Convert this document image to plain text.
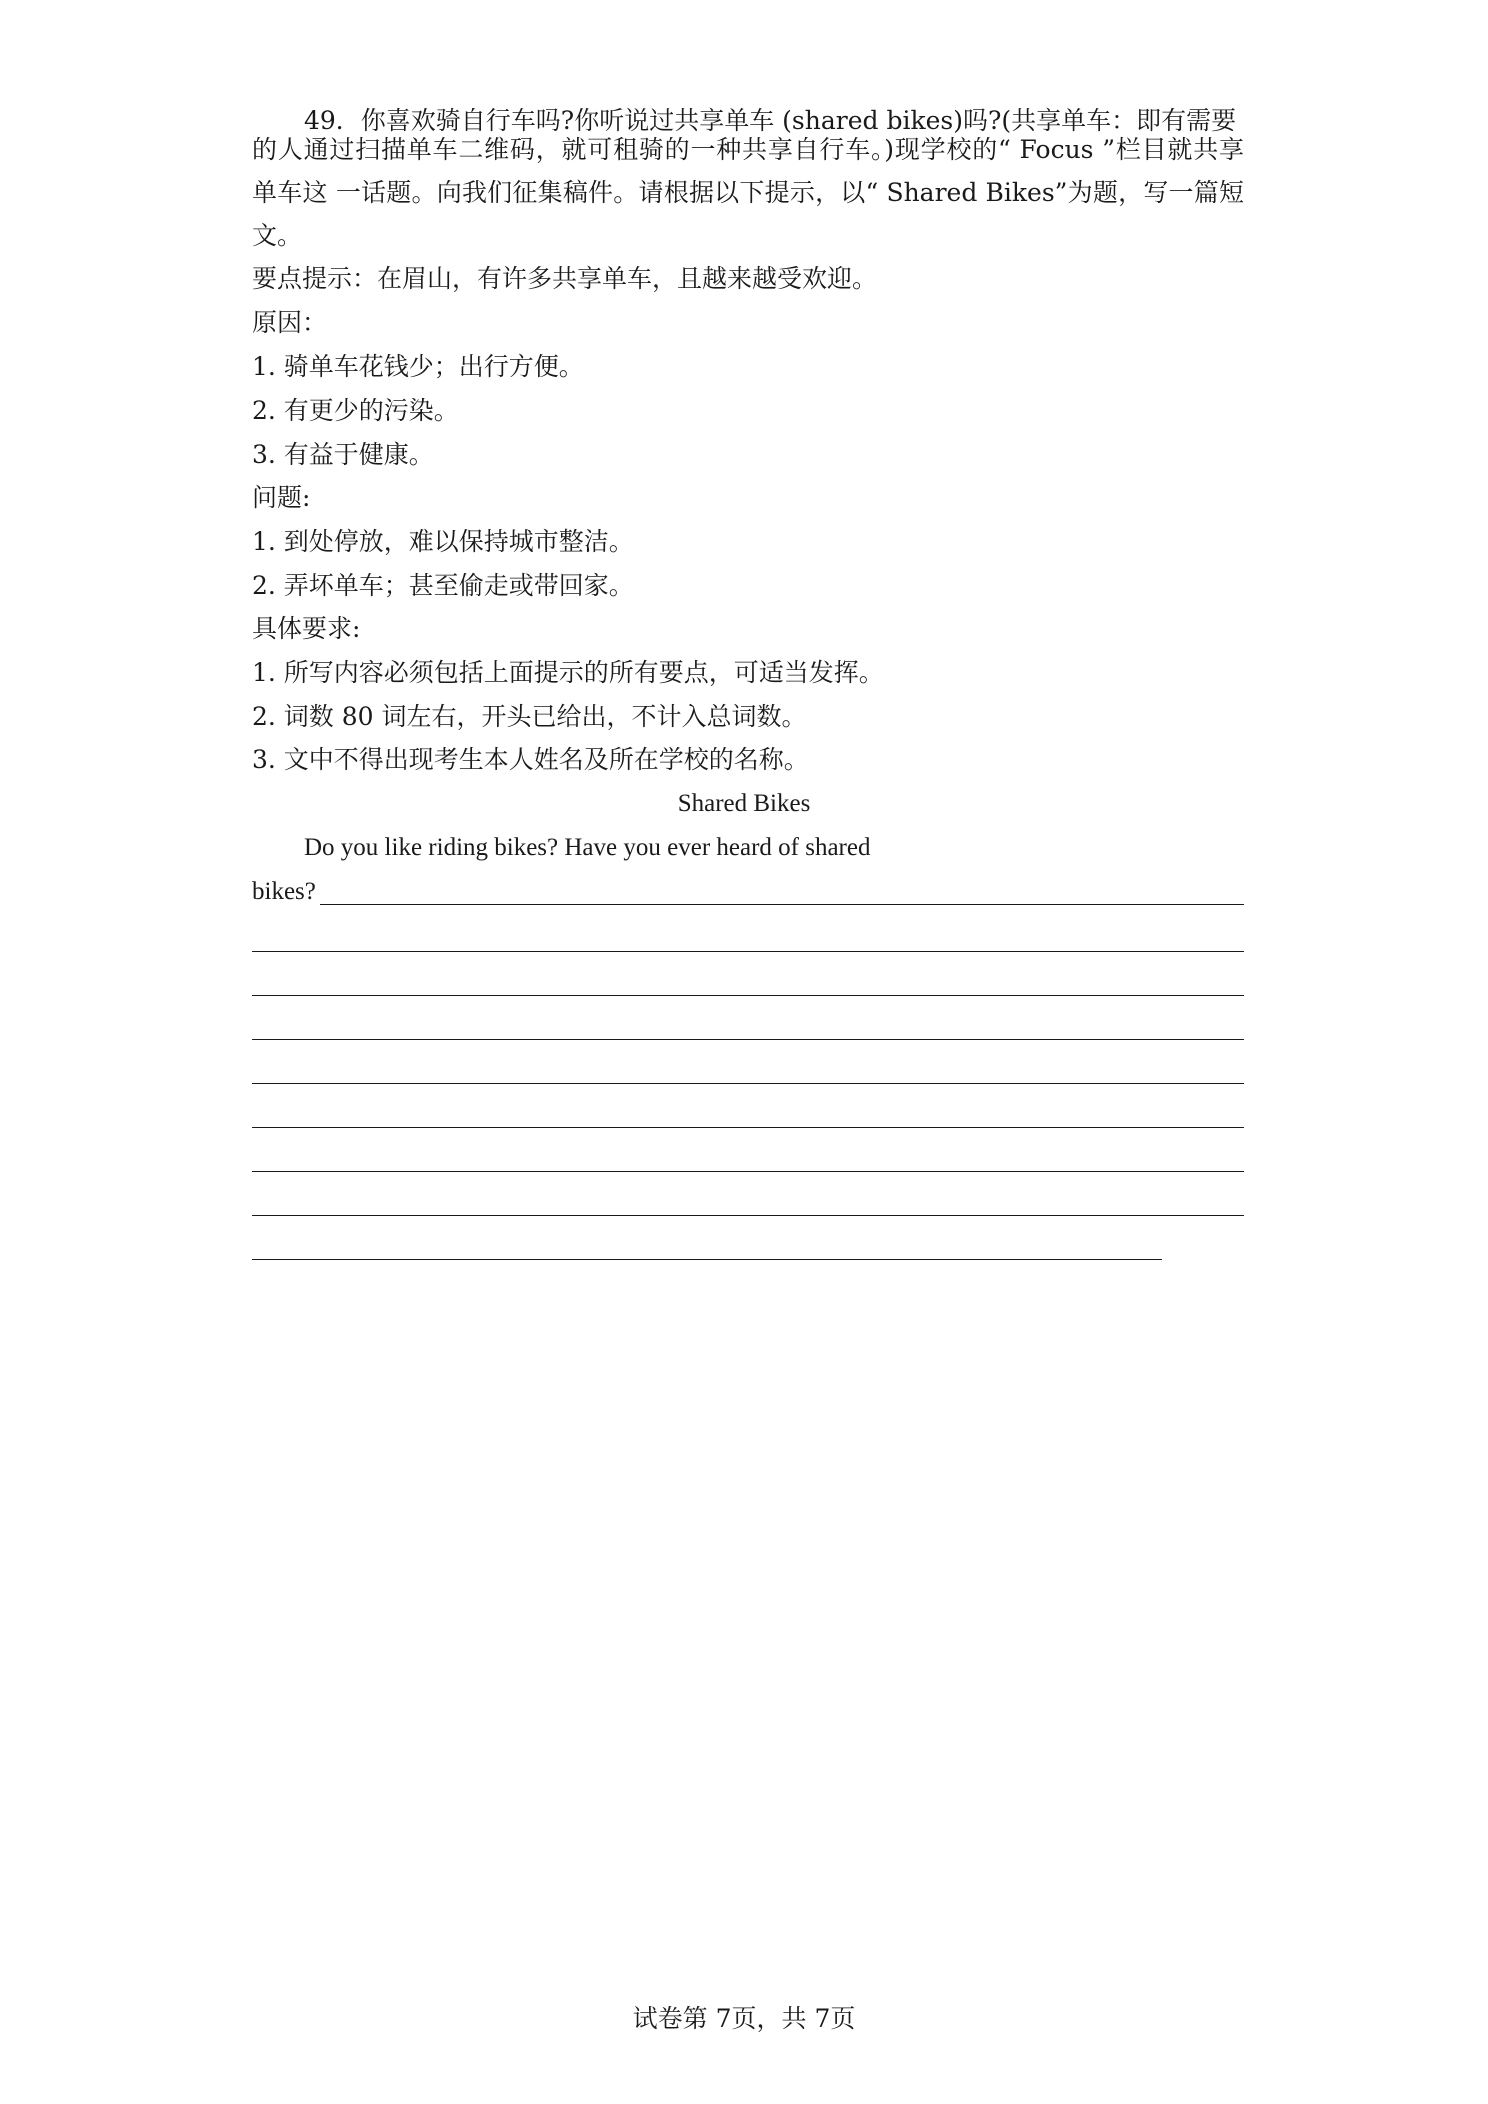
49．你喜欢骑自行车吗?你听说过共享单车 (shared bikes)吗?(共享单车：即有需要
的人通过扫描单车二维码，就可租骑的一种共享自行车。)现学校的“ Focus ”栏目就共享
单车这 一话题。向我们征集稿件。请根据以下提示，以“ Shared Bikes”为题，写一篇短
文。
要点提示：在眉山，有许多共享单车，且越来越受欢迎。
原因：
1. 骑单车花钱少；出行方便。
2. 有更少的污染。
3. 有益于健康。
问题:
1. 到处停放，难以保持城市整洁。
2. 弄坏单车；甚至偷走或带回家。
具体要求:
1. 所写内容必须包括上面提示的所有要点，可适当发挥。
2. 词数 80 词左右，开头已给出，不计入总词数。
3. 文中不得出现考生本人姓名及所在学校的名称。
Shared Bikes
Do you like riding bikes? Have you ever heard of shared
bikes?
试卷第 7页，共 7页
